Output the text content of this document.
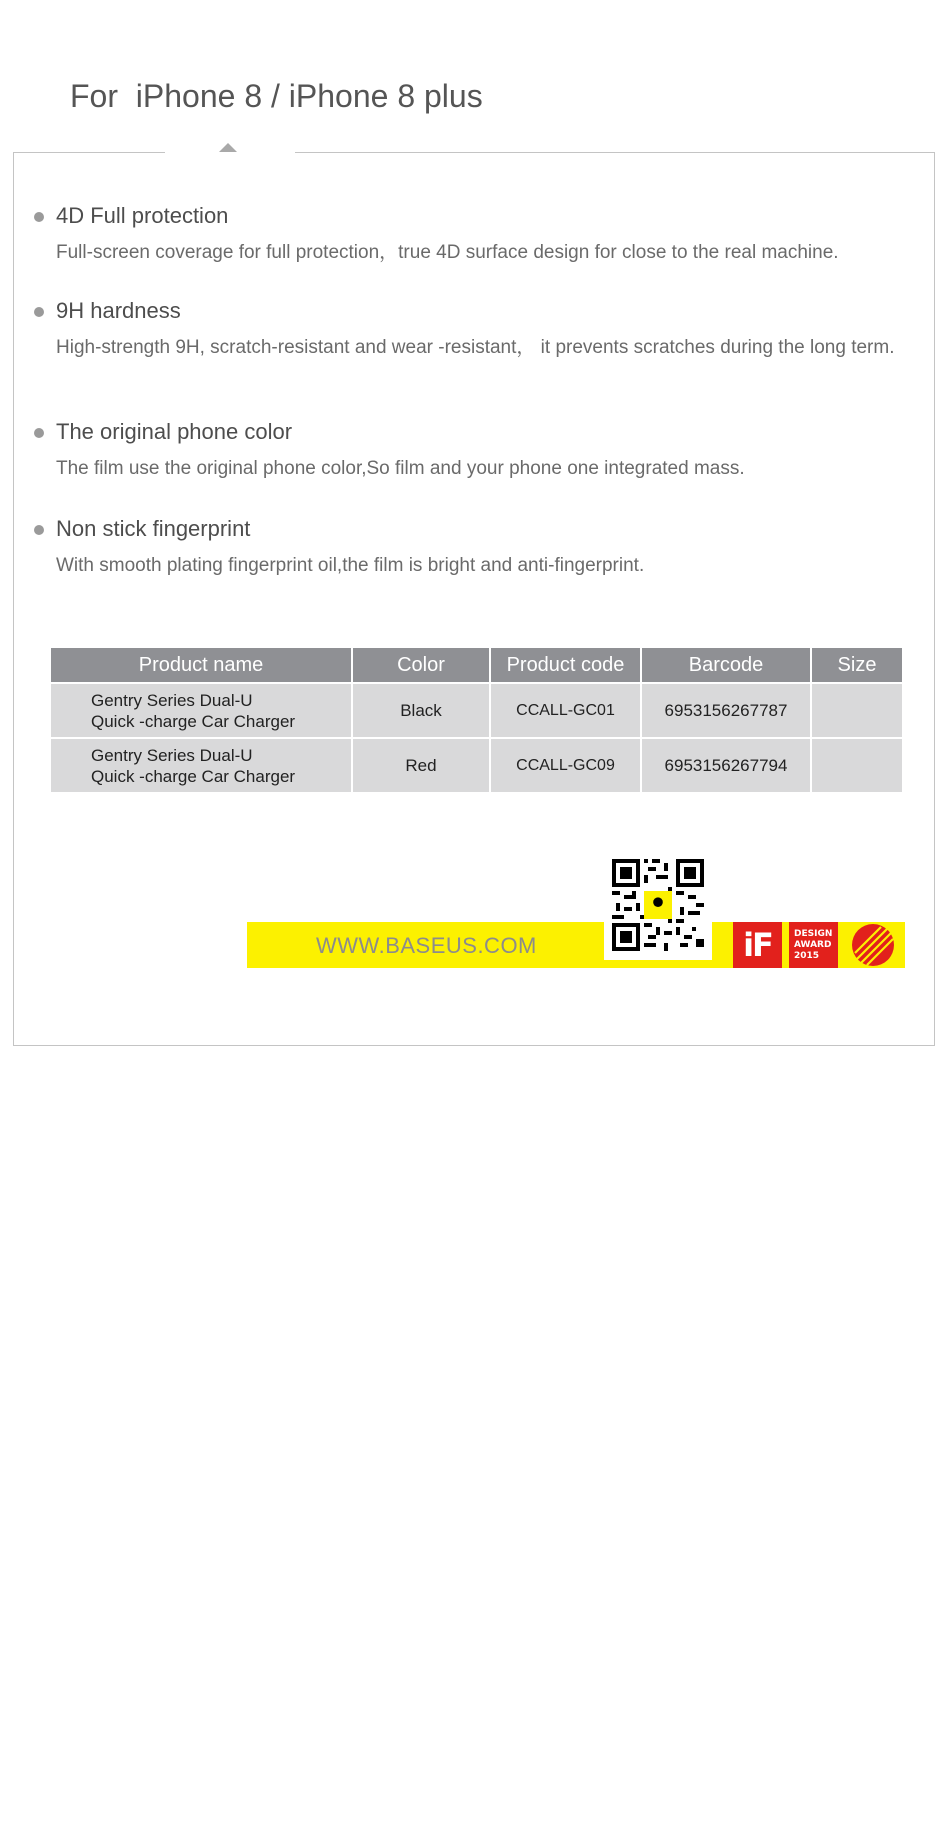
For  iPhone 8 / iPhone 8 plus
4D Full protection
Full-screen coverage for full protection，true 4D surface design for close to the real machine.
9H hardness
High-strength 9H, scratch-resistant and wear -resistant， it prevents scratches during the long term.
The original phone color
The film use the original phone color,So film and your phone one integrated mass.
Non stick fingerprint
With smooth plating fingerprint oil,the film is bright and anti-fingerprint.
Product name	Color	Product code	Barcode	Size
Gentry Series Dual-U
Quick -charge Car Charger	Black	CCALL-GC01	6953156267787	
Gentry Series Dual-U
Quick -charge Car Charger	Red	CCALL-GC09	6953156267794	
WWW.BASEUS.COM	iF	DESIGN
AWARD
2015
